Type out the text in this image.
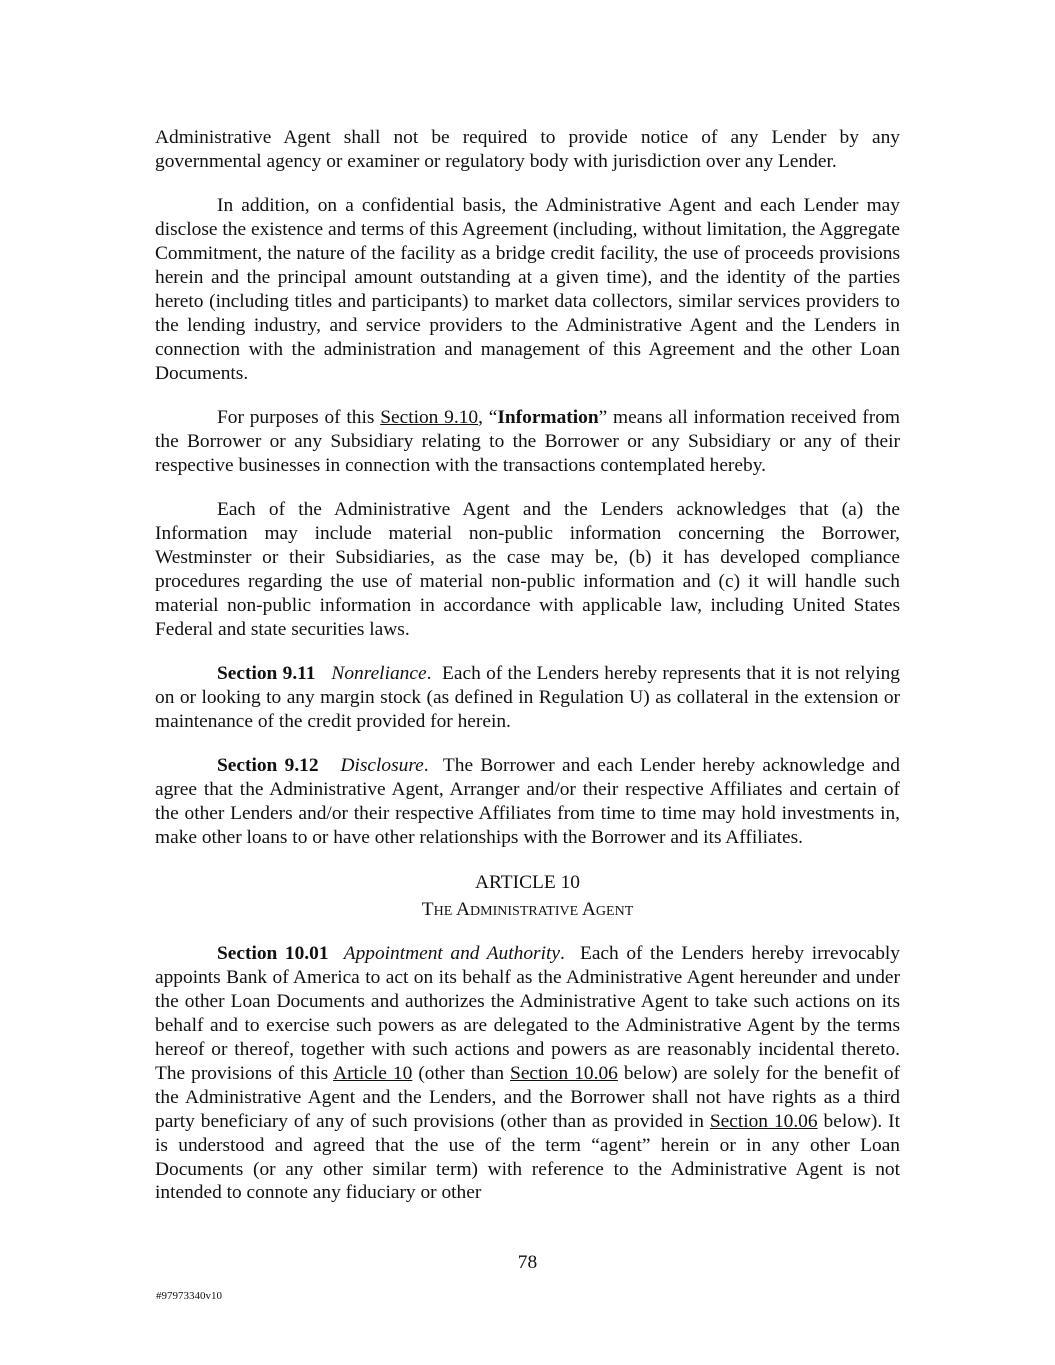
Administrative Agent shall not be required to provide notice of any Lender by any governmental agency or examiner or regulatory body with jurisdiction over any Lender.

In addition, on a confidential basis, the Administrative Agent and each Lender may disclose the existence and terms of this Agreement (including, without limitation, the Aggregate Commitment, the nature of the facility as a bridge credit facility, the use of proceeds provisions herein and the principal amount outstanding at a given time), and the identity of the parties hereto (including titles and participants) to market data collectors, similar services providers to the lending industry, and service providers to the Administrative Agent and the Lenders in connection with the administration and management of this Agreement and the other Loan Documents.

For purposes of this Section 9.10, “Information” means all information received from the Borrower or any Subsidiary relating to the Borrower or any Subsidiary or any of their respective businesses in connection with the transactions contemplated hereby.

Each of the Administrative Agent and the Lenders acknowledges that (a) the Information may include material non-public information concerning the Borrower, Westminster or their Subsidiaries, as the case may be, (b) it has developed compliance procedures regarding the use of material non-public information and (c) it will handle such material non-public information in accordance with applicable law, including United States Federal and state securities laws.

Section 9.11 Nonreliance.  Each of the Lenders hereby represents that it is not relying on or looking to any margin stock (as defined in Regulation U) as collateral in the extension or maintenance of the credit provided for herein.

Section 9.12 Disclosure.  The Borrower and each Lender hereby acknowledge and agree that the Administrative Agent, Arranger and/or their respective Affiliates and certain of the other Lenders and/or their respective Affiliates from time to time may hold investments in, make other loans to or have other relationships with the Borrower and its Affiliates.

ARTICLE 10

The Administrative Agent

Section 10.01 Appointment and Authority.  Each of the Lenders hereby irrevocably appoints Bank of America to act on its behalf as the Administrative Agent hereunder and under the other Loan Documents and authorizes the Administrative Agent to take such actions on its behalf and to exercise such powers as are delegated to the Administrative Agent by the terms hereof or thereof, together with such actions and powers as are reasonably incidental thereto. The provisions of this Article 10 (other than Section 10.06 below) are solely for the benefit of the Administrative Agent and the Lenders, and the Borrower shall not have rights as a third party beneficiary of any of such provisions (other than as provided in Section 10.06 below). It is understood and agreed that the use of the term “agent” herein or in any other Loan Documents (or any other similar term) with reference to the Administrative Agent is not intended to connote any fiduciary or other

78
#97973340v10
